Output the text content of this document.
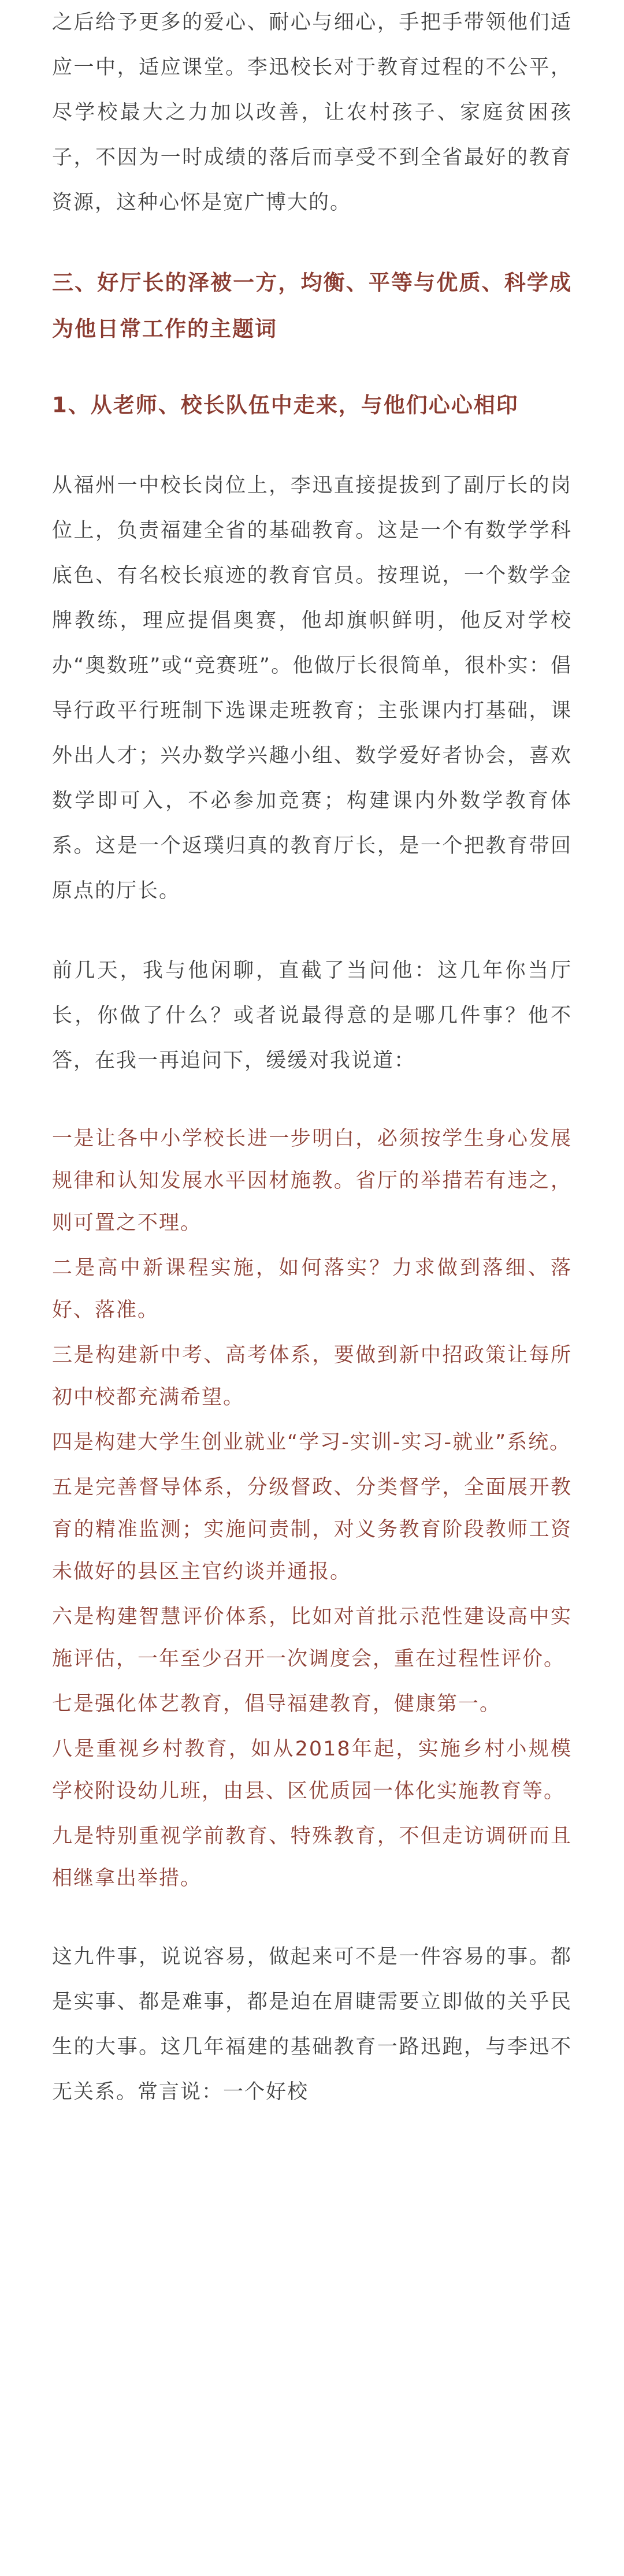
之后给予更多的爱心、耐心与细心，手把手带领他们适应一中，适应课堂。李迅校长对于教育过程的不公平，尽学校最大之力加以改善，让农村孩子、家庭贫困孩子，不因为一时成绩的落后而享受不到全省最好的教育资源，这种心怀是宽广博大的。

三、好厅长的泽被一方，均衡、平等与优质、科学成为他日常工作的主题词

1、从老师、校长队伍中走来，与他们心心相印

从福州一中校长岗位上，李迅直接提拔到了副厅长的岗位上，负责福建全省的基础教育。这是一个有数学学科底色、有名校长痕迹的教育官员。按理说，一个数学金牌教练，理应提倡奥赛，他却旗帜鲜明，他反对学校办“奥数班”或“竞赛班”。他做厅长很简单，很朴实：倡导行政平行班制下选课走班教育；主张课内打基础，课外出人才；兴办数学兴趣小组、数学爱好者协会，喜欢数学即可入，不必参加竞赛；构建课内外数学教育体系。这是一个返璞归真的教育厅长，是一个把教育带回原点的厅长。

前几天，我与他闲聊，直截了当问他：这几年你当厅长，你做了什么？或者说最得意的是哪几件事？他不答，在我一再追问下，缓缓对我说道：

一是让各中小学校长进一步明白，必须按学生身心发展规律和认知发展水平因材施教。省厅的举措若有违之，则可置之不理。

二是高中新课程实施，如何落实？力求做到落细、落好、落准。

三是构建新中考、高考体系，要做到新中招政策让每所初中校都充满希望。

四是构建大学生创业就业“学习-实训-实习-就业”系统。

五是完善督导体系，分级督政、分类督学，全面展开教育的精准监测；实施问责制，对义务教育阶段教师工资未做好的县区主官约谈并通报。

六是构建智慧评价体系，比如对首批示范性建设高中实施评估，一年至少召开一次调度会，重在过程性评价。

七是强化体艺教育，倡导福建教育，健康第一。

八是重视乡村教育，如从2018年起，实施乡村小规模学校附设幼儿班，由县、区优质园一体化实施教育等。

九是特别重视学前教育、特殊教育，不但走访调研而且相继拿出举措。

这九件事，说说容易，做起来可不是一件容易的事。都是实事、都是难事，都是迫在眉睫需要立即做的关乎民生的大事。这几年福建的基础教育一路迅跑，与李迅不无关系。常言说：一个好校
